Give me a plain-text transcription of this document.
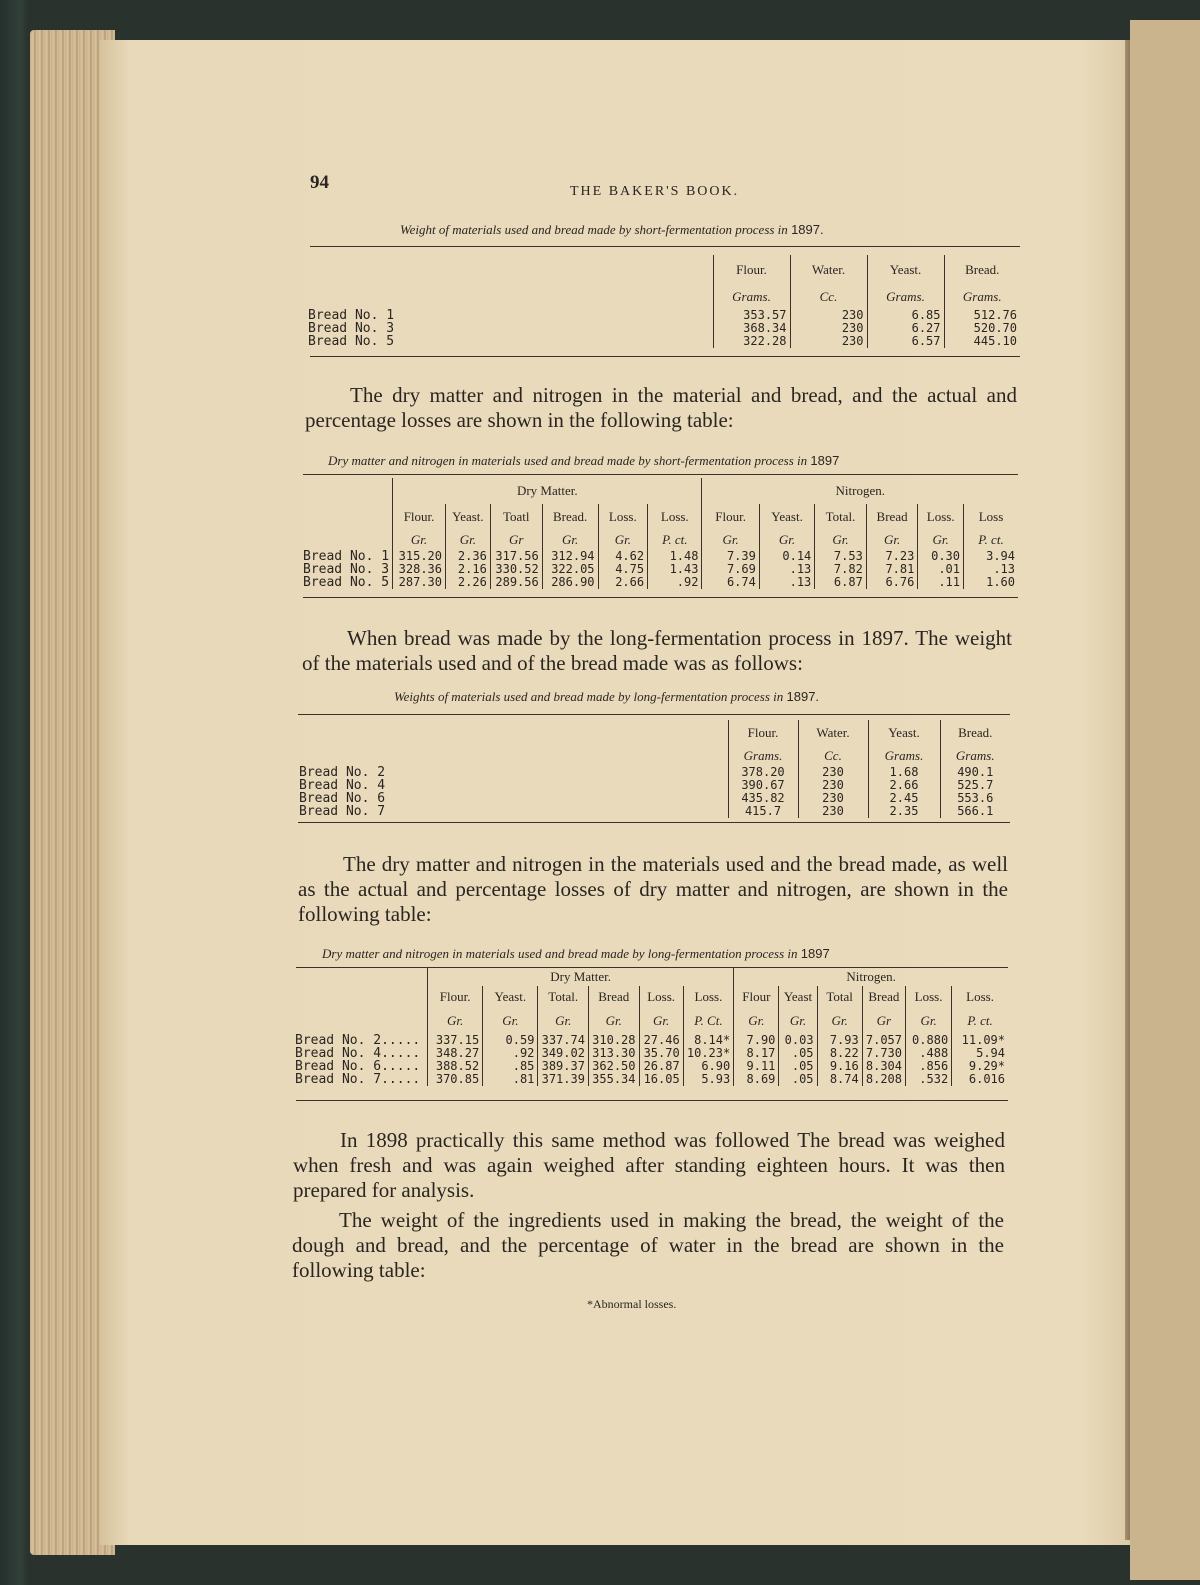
94	THE BAKER'S BOOK.
Weight of materials used and bread made by short-fermentation process in 1897.
	Flour.	Water.	Yeast.	Bread.
	Grams.	Cc.	Grams.	Grams.
Bread No. 1	353.57	230	6.85	512.76
Bread No. 3	368.34	230	6.27	520.70
Bread No. 5	322.28	230	6.57	445.10
The dry matter and nitrogen in the material and bread, and the actual and percentage losses are shown in the following table:
Dry matter and nitrogen in materials used and bread made by short-fermentation process in 1897
	Dry Matter.						Nitrogen.					
	Flour.	Yeast.	Toatl	Bread.	Loss.	Loss.	Flour.	Yeast.	Total.	Bread	Loss.	Loss
	Gr.	Gr.	Gr	Gr.	Gr.	P. ct.	Gr.	Gr.	Gr.	Gr.	Gr.	P. ct.
Bread No. 1	315.20	2.36	317.56	312.94	4.62	1.48	7.39	0.14	7.53	7.23	0.30	3.94
Bread No. 3	328.36	2.16	330.52	322.05	4.75	1.43	7.69	.13	7.82	7.81	.01	.13
Bread No. 5	287.30	2.26	289.56	286.90	2.66	.92	6.74	.13	6.87	6.76	.11	1.60
When bread was made by the long-fermentation process in 1897. The weight of the materials used and of the bread made was as follows:
Weights of materials used and bread made by long-fermentation process in 1897.
	Flour.	Water.	Yeast.	Bread.
	Grams.	Cc.	Grams.	Grams.
Bread No. 2	378.20	230	1.68	490.1
Bread No. 4	390.67	230	2.66	525.7
Bread No. 6	435.82	230	2.45	553.6
Bread No. 7	415.7	230	2.35	566.1
The dry matter and nitrogen in the materials used and the bread made, as well as the actual and percentage losses of dry matter and nitrogen, are shown in the following table:
Dry matter and nitrogen in materials used and bread made by long-fermentation process in 1897
	Dry Matter.						Nitrogen.					
	Flour.	Yeast.	Total.	Bread	Loss.	Loss.	Flour	Yeast	Total	Bread	Loss.	Loss.
	Gr.	Gr.	Gr.	Gr.	Gr.	P. Ct.	Gr.	Gr.	Gr.	Gr	Gr.	P. ct.
Bread No. 2.....	337.15	0.59	337.74	310.28	27.46	8.14*	7.90	0.03	7.93	7.057	0.880	11.09*
Bread No. 4.....	348.27	.92	349.02	313.30	35.70	10.23*	8.17	.05	8.22	7.730	.488	5.94
Bread No. 6.....	388.52	.85	389.37	362.50	26.87	6.90	9.11	.05	9.16	8.304	.856	9.29*
Bread No. 7.....	370.85	.81	371.39	355.34	16.05	5.93	8.69	.05	8.74	8.208	.532	6.016
In 1898 practically this same method was followed The bread was weighed when fresh and was again weighed after standing eighteen hours. It was then prepared for analysis.
The weight of the ingredients used in making the bread, the weight of the dough and bread, and the percentage of water in the bread are shown in the following table:
*Abnormal losses.
